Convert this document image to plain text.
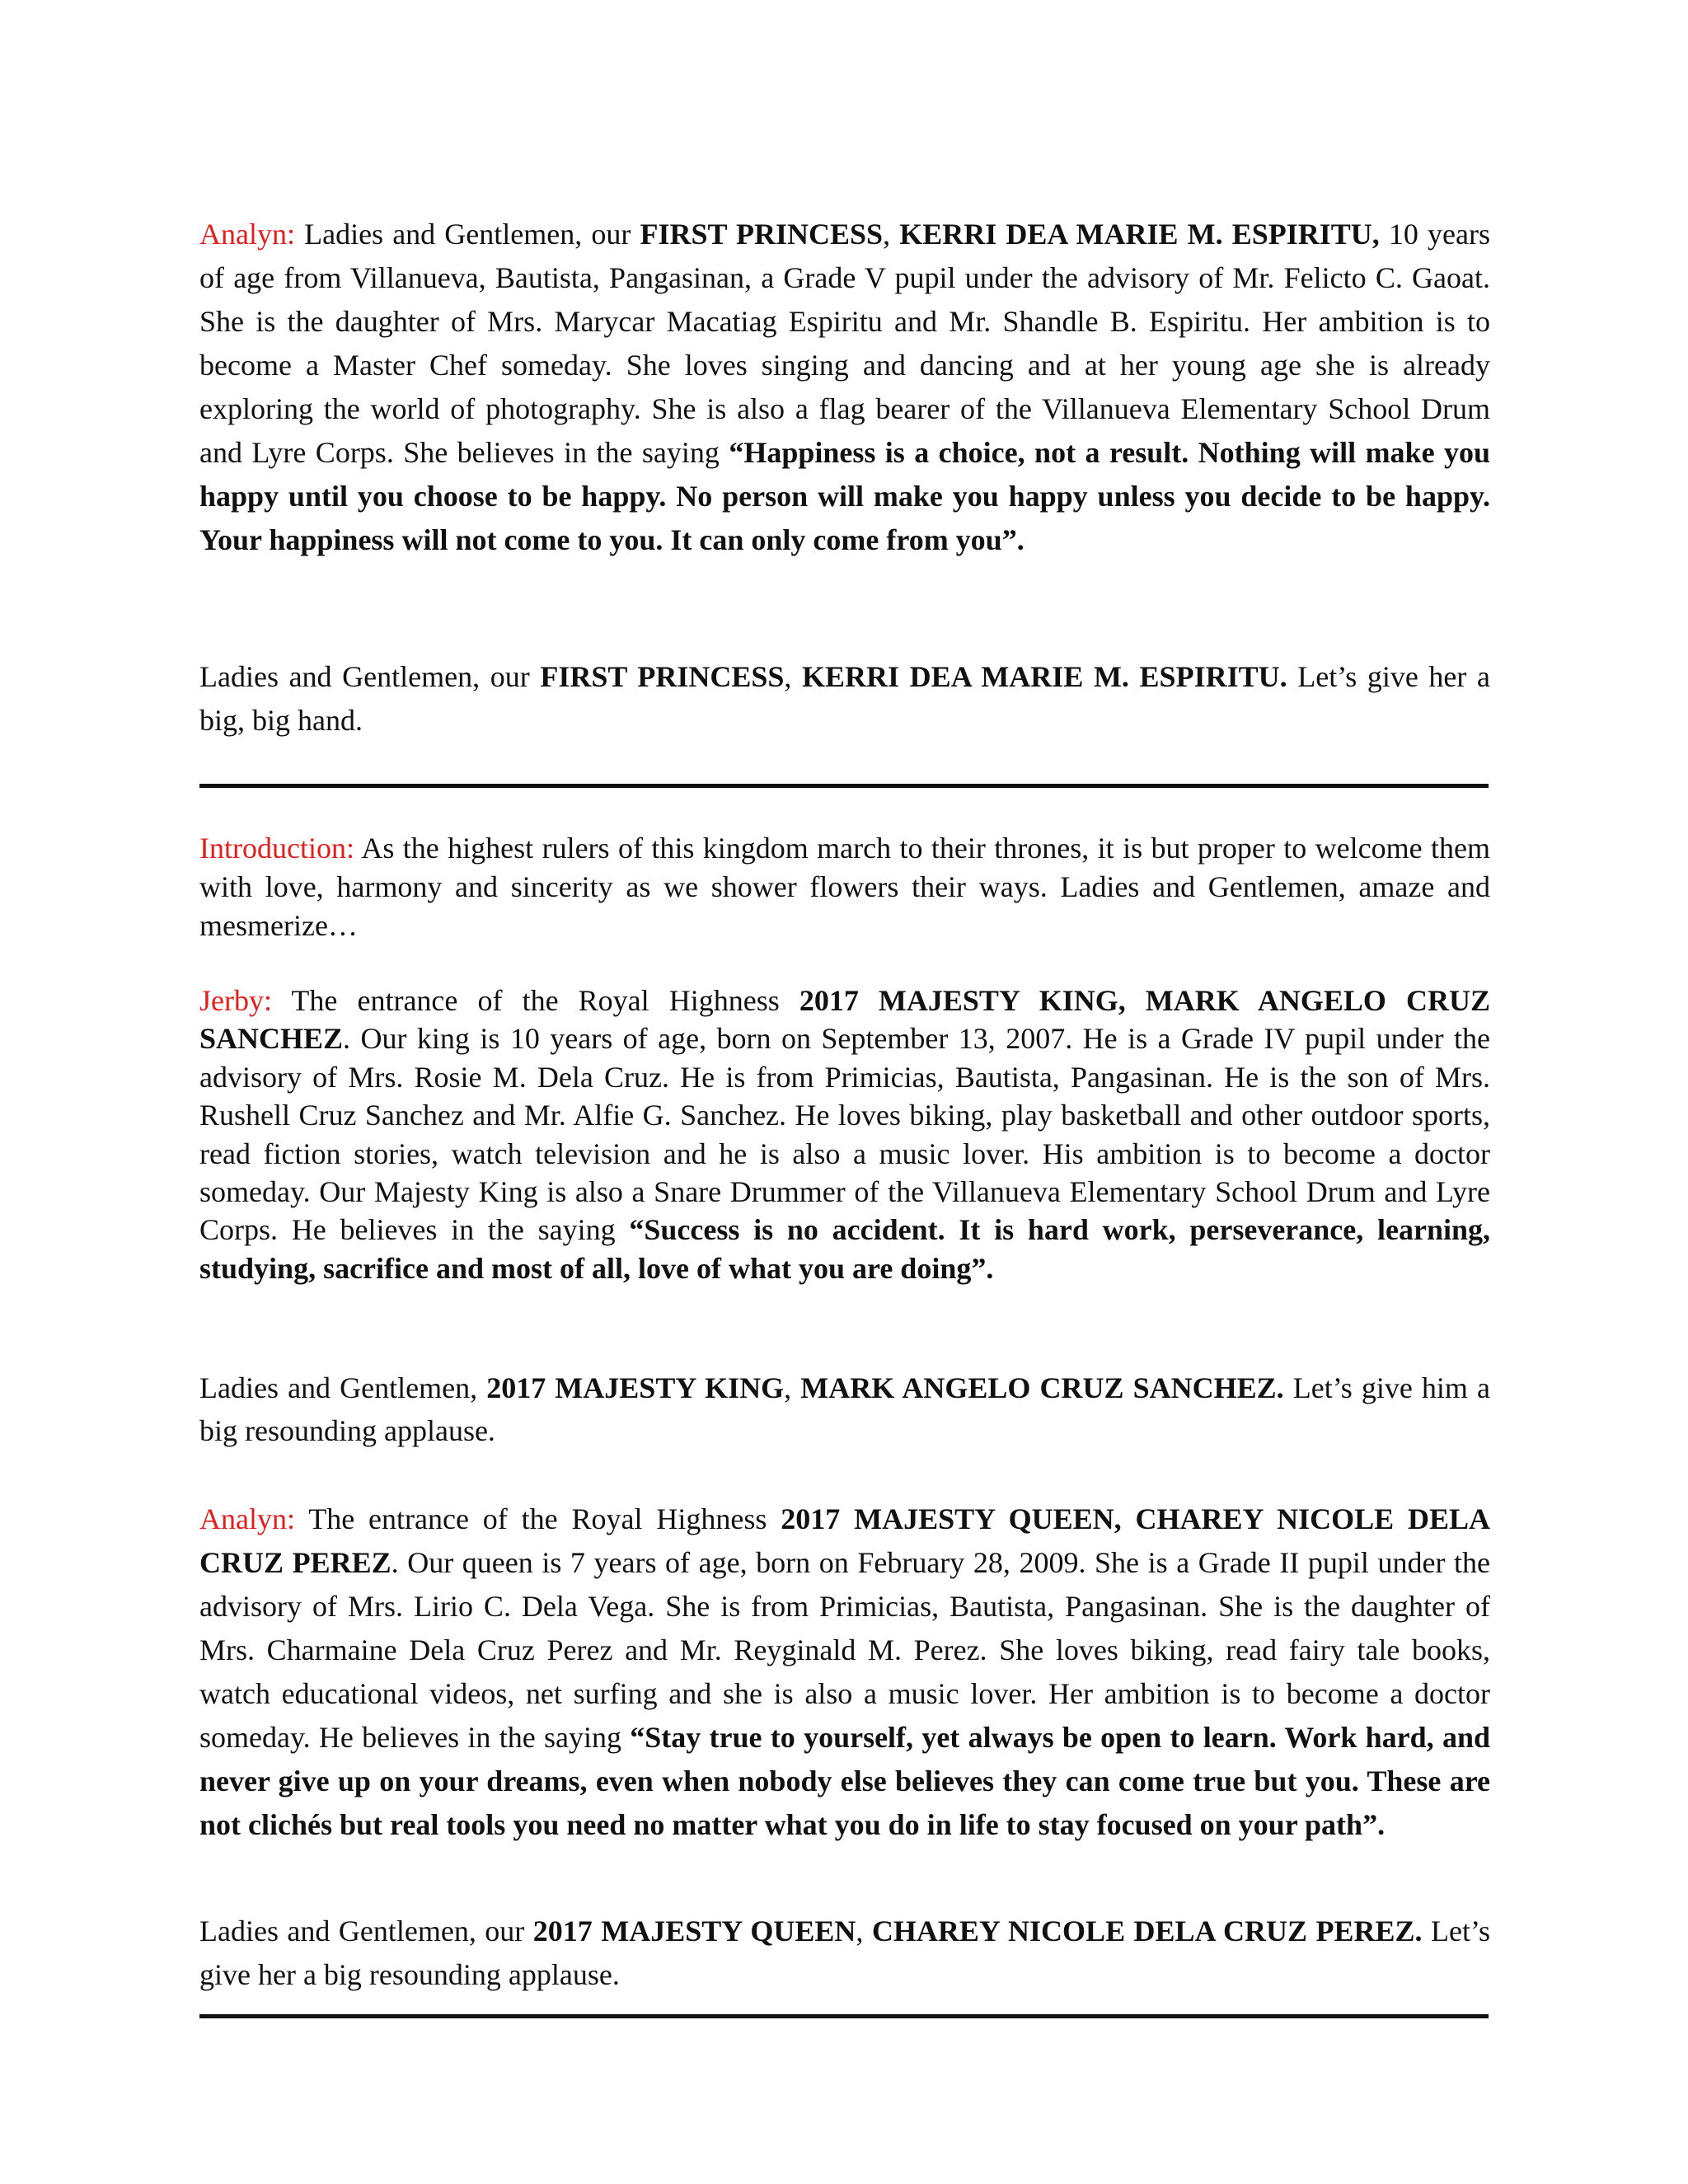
Analyn: Ladies and Gentlemen, our FIRST PRINCESS, KERRI DEA MARIE M. ESPIRITU, 10 years of age from Villanueva, Bautista, Pangasinan, a Grade V pupil under the advisory of Mr. Felicto C. Gaoat. She is the daughter of Mrs. Marycar Macatiag Espiritu and Mr. Shandle B. Espiritu. Her ambition is to become a Master Chef someday. She loves singing and dancing and at her young age she is already exploring the world of photography. She is also a flag bearer of the Villanueva Elementary School Drum and Lyre Corps. She believes in the saying “Happiness is a choice, not a result. Nothing will make you happy until you choose to be happy. No person will make you happy unless you decide to be happy. Your happiness will not come to you. It can only come from you”.

Ladies and Gentlemen, our FIRST PRINCESS, KERRI DEA MARIE M. ESPIRITU. Let’s give her a big, big hand.

Introduction: As the highest rulers of this kingdom march to their thrones, it is but proper to welcome them with love, harmony and sincerity as we shower flowers their ways. Ladies and Gentlemen, amaze and mesmerize…

Jerby: The entrance of the Royal Highness 2017 MAJESTY KING, MARK ANGELO CRUZ SANCHEZ. Our king is 10 years of age, born on September 13, 2007. He is a Grade IV pupil under the advisory of Mrs. Rosie M. Dela Cruz. He is from Primicias, Bautista, Pangasinan. He is the son of Mrs. Rushell Cruz Sanchez and Mr. Alfie G. Sanchez. He loves biking, play basketball and other outdoor sports, read fiction stories, watch television and he is also a music lover. His ambition is to become a doctor someday. Our Majesty King is also a Snare Drummer of the Villanueva Elementary School Drum and Lyre Corps. He believes in the saying “Success is no accident. It is hard work, perseverance, learning, studying, sacrifice and most of all, love of what you are doing”.

Ladies and Gentlemen, 2017 MAJESTY KING, MARK ANGELO CRUZ SANCHEZ. Let’s give him a big resounding applause.

Analyn: The entrance of the Royal Highness 2017 MAJESTY QUEEN, CHAREY NICOLE DELA CRUZ PEREZ. Our queen is 7 years of age, born on February 28, 2009. She is a Grade II pupil under the advisory of Mrs. Lirio C. Dela Vega. She is from Primicias, Bautista, Pangasinan. She is the daughter of Mrs. Charmaine Dela Cruz Perez and Mr. Reyginald M. Perez. She loves biking, read fairy tale books, watch educational videos, net surfing and she is also a music lover. Her ambition is to become a doctor someday. He believes in the saying “Stay true to yourself, yet always be open to learn. Work hard, and never give up on your dreams, even when nobody else believes they can come true but you. These are not clichés but real tools you need no matter what you do in life to stay focused on your path”.

Ladies and Gentlemen, our 2017 MAJESTY QUEEN, CHAREY NICOLE DELA CRUZ PEREZ. Let’s give her a big resounding applause.
